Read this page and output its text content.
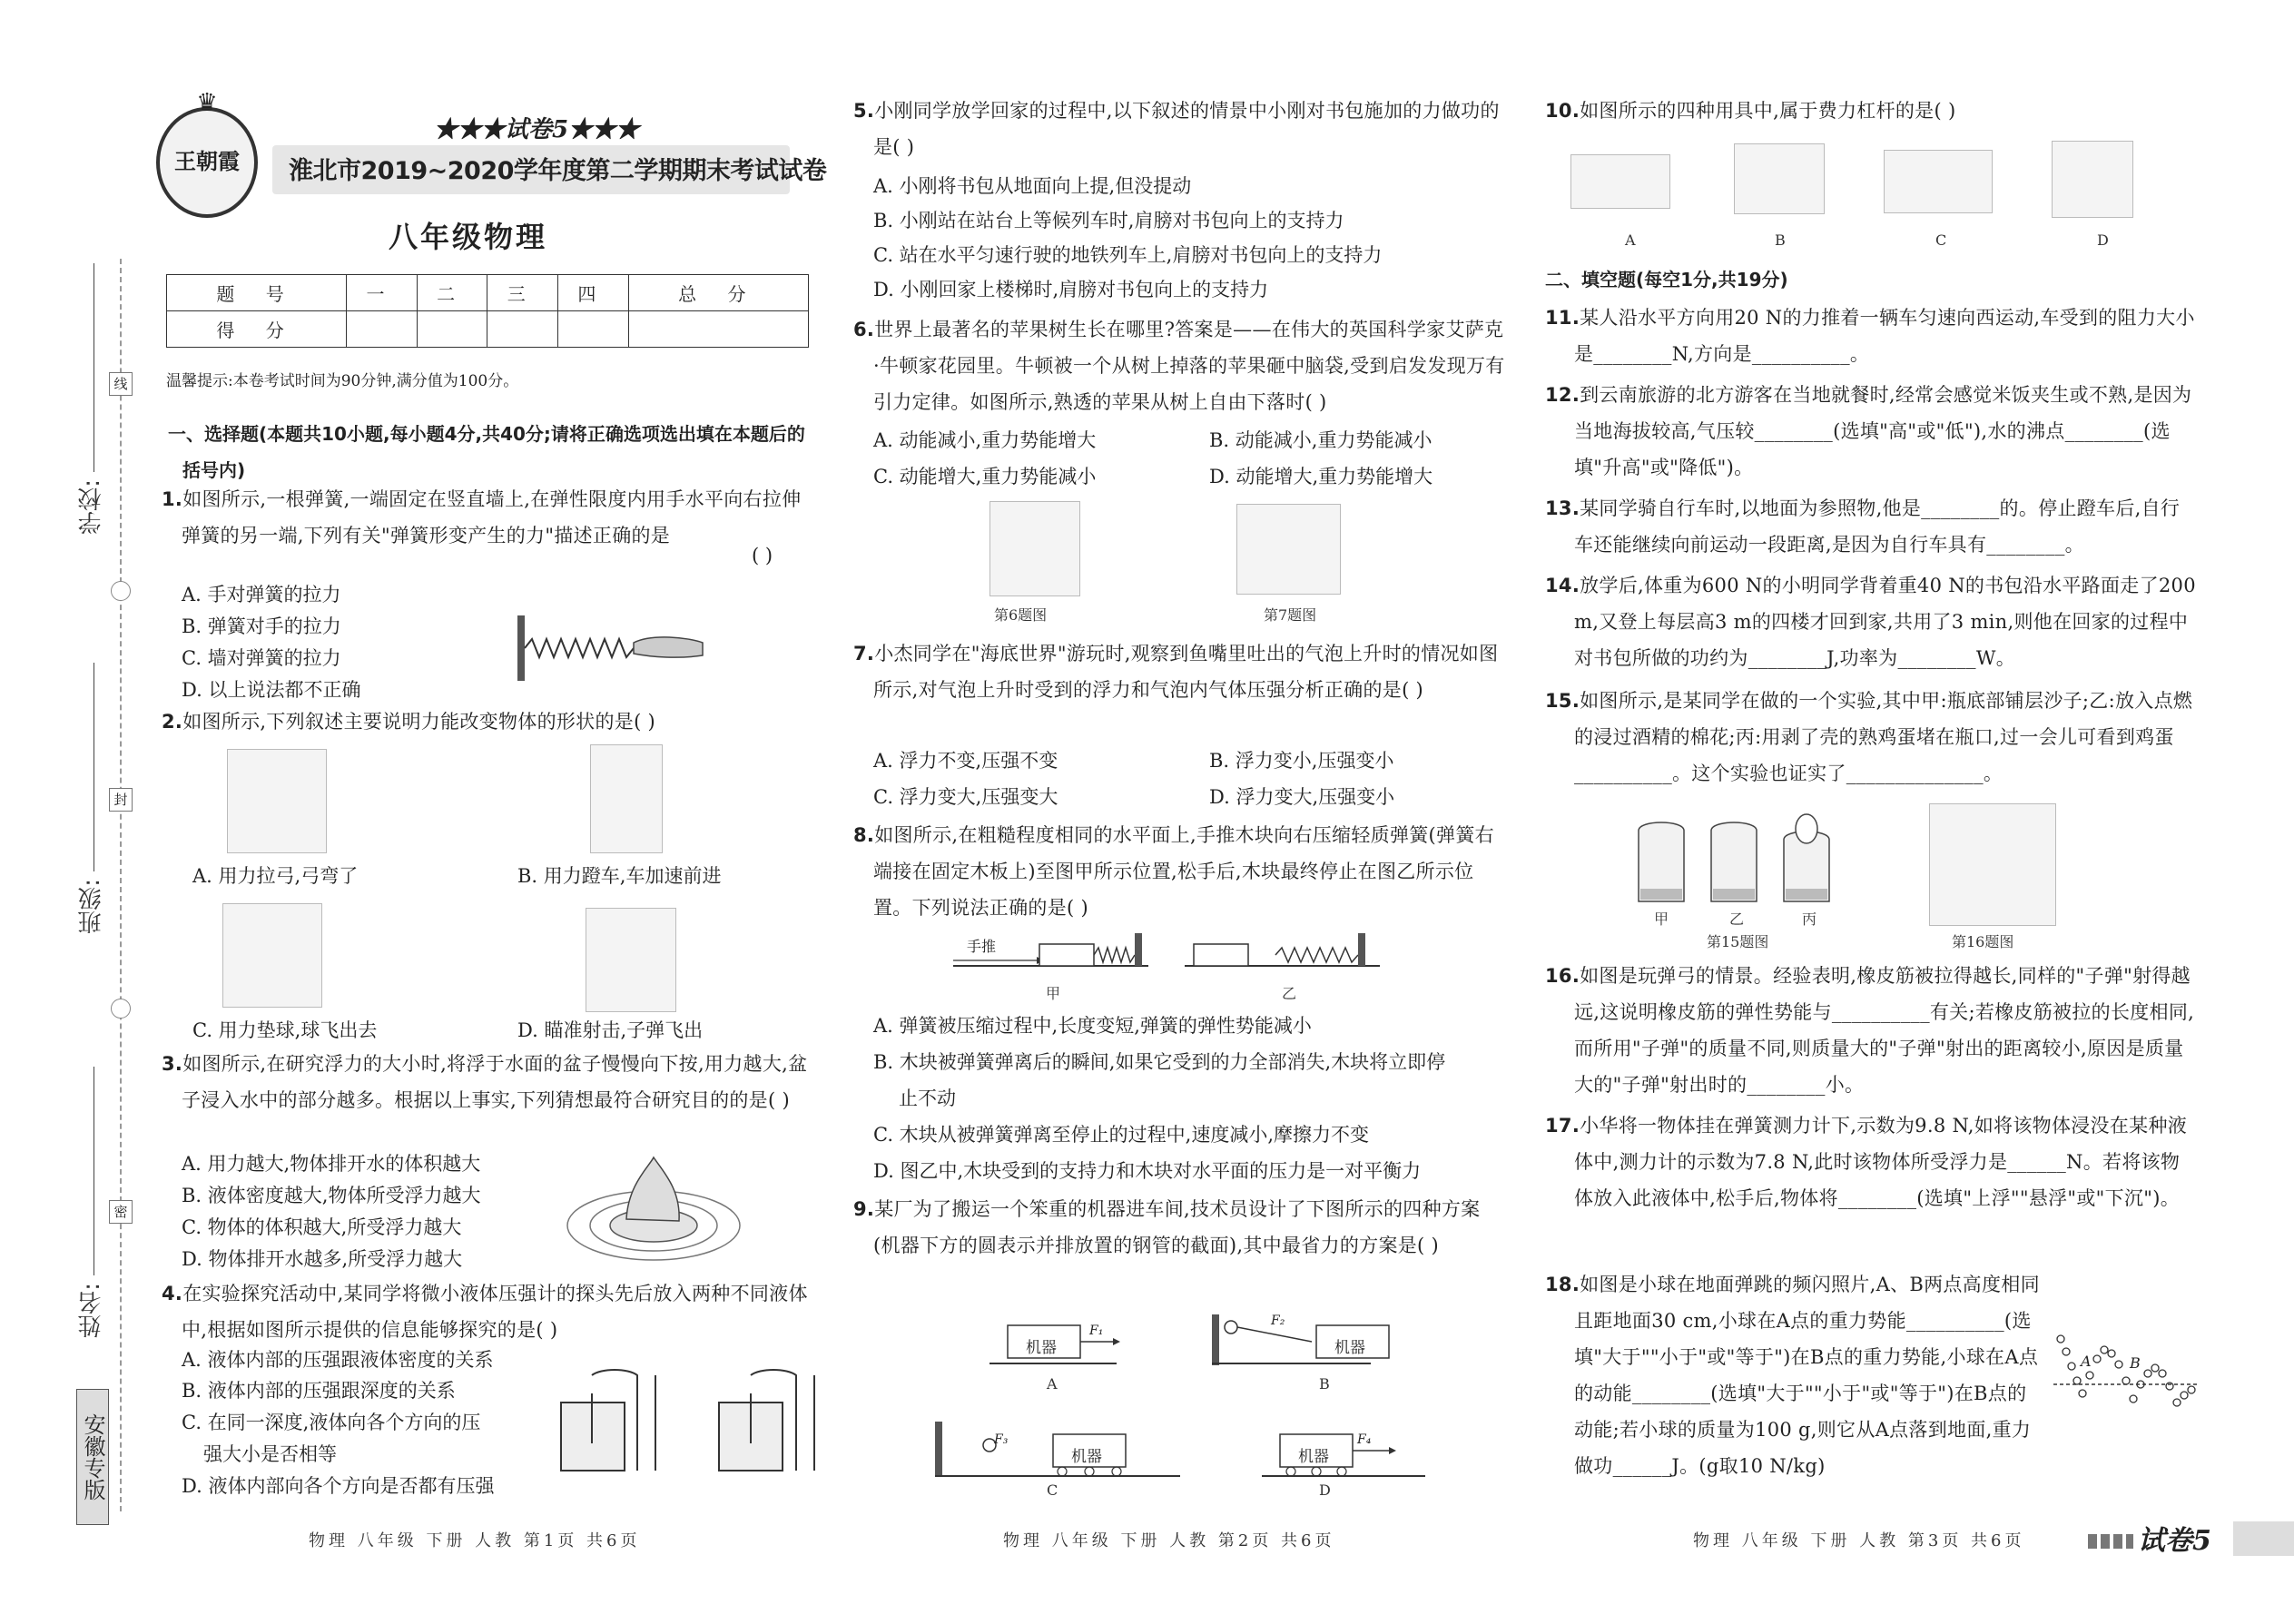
学校:
班级:
姓名:
线
封
密
安徽专版
王朝霞
♛
★★★试卷5★★★
淮北市2019~2020学年度第二学期期末考试试卷
八年级物理
题 号	一	二	三	四	总 分
得 分					
温馨提示:本卷考试时间为90分钟,满分值为100分。
一、选择题(本题共10小题,每小题4分,共40分;请将正确选项选出填在本题后的括号内)
1.如图所示,一根弹簧,一端固定在竖直墙上,在弹性限度内用手水平向右拉伸弹簧的另一端,下列有关"弹簧形变产生的力"描述正确的是
( )
A. 手对弹簧的拉力
B. 弹簧对手的拉力
C. 墙对弹簧的拉力
D. 以上说法都不正确
2.如图所示,下列叙述主要说明力能改变物体的形状的是( )
A. 用力拉弓,弓弯了	B. 用力蹬车,车加速前进
C. 用力垫球,球飞出去	D. 瞄准射击,子弹飞出
3.如图所示,在研究浮力的大小时,将浮于水面的盆子慢慢向下按,用力越大,盆子浸入水中的部分越多。根据以上事实,下列猜想最符合研究目的的是( )
A. 用力越大,物体排开水的体积越大
B. 液体密度越大,物体所受浮力越大
C. 物体的体积越大,所受浮力越大
D. 物体排开水越多,所受浮力越大
4.在实验探究活动中,某同学将微小液体压强计的探头先后放入两种不同液体中,根据如图所示提供的信息能够探究的是( )
A. 液体内部的压强跟液体密度的关系
B. 液体内部的压强跟深度的关系
C. 在同一深度,液体向各个方向的压
强大小是否相等
D. 液体内部向各个方向是否都有压强
物理 八年级 下册 人教 第1页 共6页
5.小刚同学放学回家的过程中,以下叙述的情景中小刚对书包施加的力做功的是( )
A. 小刚将书包从地面向上提,但没提动
B. 小刚站在站台上等候列车时,肩膀对书包向上的支持力
C. 站在水平匀速行驶的地铁列车上,肩膀对书包向上的支持力
D. 小刚回家上楼梯时,肩膀对书包向上的支持力
6.世界上最著名的苹果树生长在哪里?答案是——在伟大的英国科学家艾萨克·牛顿家花园里。牛顿被一个从树上掉落的苹果砸中脑袋,受到启发发现万有引力定律。如图所示,熟透的苹果从树上自由下落时( )
A. 动能减小,重力势能增大	B. 动能减小,重力势能减小
C. 动能增大,重力势能减小	D. 动能增大,重力势能增大
第6题图	第7题图
7.小杰同学在"海底世界"游玩时,观察到鱼嘴里吐出的气泡上升时的情况如图所示,对气泡上升时受到的浮力和气泡内气体压强分析正确的是( )
A. 浮力不变,压强不变	B. 浮力变小,压强变小
C. 浮力变大,压强变大	D. 浮力变大,压强变小
8.如图所示,在粗糙程度相同的水平面上,手推木块向右压缩轻质弹簧(弹簧右端接在固定木板上)至图甲所示位置,松手后,木块最终停止在图乙所示位置。下列说法正确的是( )
手推
甲	乙
A. 弹簧被压缩过程中,长度变短,弹簧的弹性势能减小
B. 木块被弹簧弹离后的瞬间,如果它受到的力全部消失,木块将立即停
止不动
C. 木块从被弹簧弹离至停止的过程中,速度减小,摩擦力不变
D. 图乙中,木块受到的支持力和木块对水平面的压力是一对平衡力
9.某厂为了搬运一个笨重的机器进车间,技术员设计了下图所示的四种方案(机器下方的圆表示并排放置的钢管的截面),其中最省力的方案是( )
机器	机器
机器	机器
F₁
F₂
F₃	F₄
A	B
C	D
物理 八年级 下册 人教 第2页 共6页
10.如图所示的四种用具中,属于费力杠杆的是( )
A	B	C	D
二、填空题(每空1分,共19分)
11.某人沿水平方向用20 N的力推着一辆车匀速向西运动,车受到的阻力大小是________N,方向是__________。
12.到云南旅游的北方游客在当地就餐时,经常会感觉米饭夹生或不熟,是因为当地海拔较高,气压较________(选填"高"或"低"),水的沸点________(选填"升高"或"降低")。
13.某同学骑自行车时,以地面为参照物,他是________的。停止蹬车后,自行车还能继续向前运动一段距离,是因为自行车具有________。
14.放学后,体重为600 N的小明同学背着重40 N的书包沿水平路面走了200 m,又登上每层高3 m的四楼才回到家,共用了3 min,则他在回家的过程中对书包所做的功约为________J,功率为________W。
15.如图所示,是某同学在做的一个实验,其中甲:瓶底部铺层沙子;乙:放入点燃的浸过酒精的棉花;丙:用剥了壳的熟鸡蛋堵在瓶口,过一会儿可看到鸡蛋__________。这个实验也证实了______________。
甲	乙	丙
第15题图	第16题图
16.如图是玩弹弓的情景。经验表明,橡皮筋被拉得越长,同样的"子弹"射得越远,这说明橡皮筋的弹性势能与__________有关;若橡皮筋被拉的长度相同,而所用"子弹"的质量不同,则质量大的"子弹"射出的距离较小,原因是质量大的"子弹"射出时的________小。
17.小华将一物体挂在弹簧测力计下,示数为9.8 N,如将该物体浸没在某种液体中,测力计的示数为7.8 N,此时该物体所受浮力是______N。若将该物体放入此液体中,松手后,物体将________(选填"上浮""悬浮"或"下沉")。
18.如图是小球在地面弹跳的频闪照片,A、B两点高度相同且距地面30 cm,小球在A点的重力势能__________(选填"大于""小于"或"等于")在B点的重力势能,小球在A点的动能________(选填"大于""小于"或"等于")在B点的动能;若小球的质量为100 g,则它从A点落到地面,重力做功______J。(g取10 N/kg)
A	B
物理 八年级 下册 人教 第3页 共6页	试卷5
密
